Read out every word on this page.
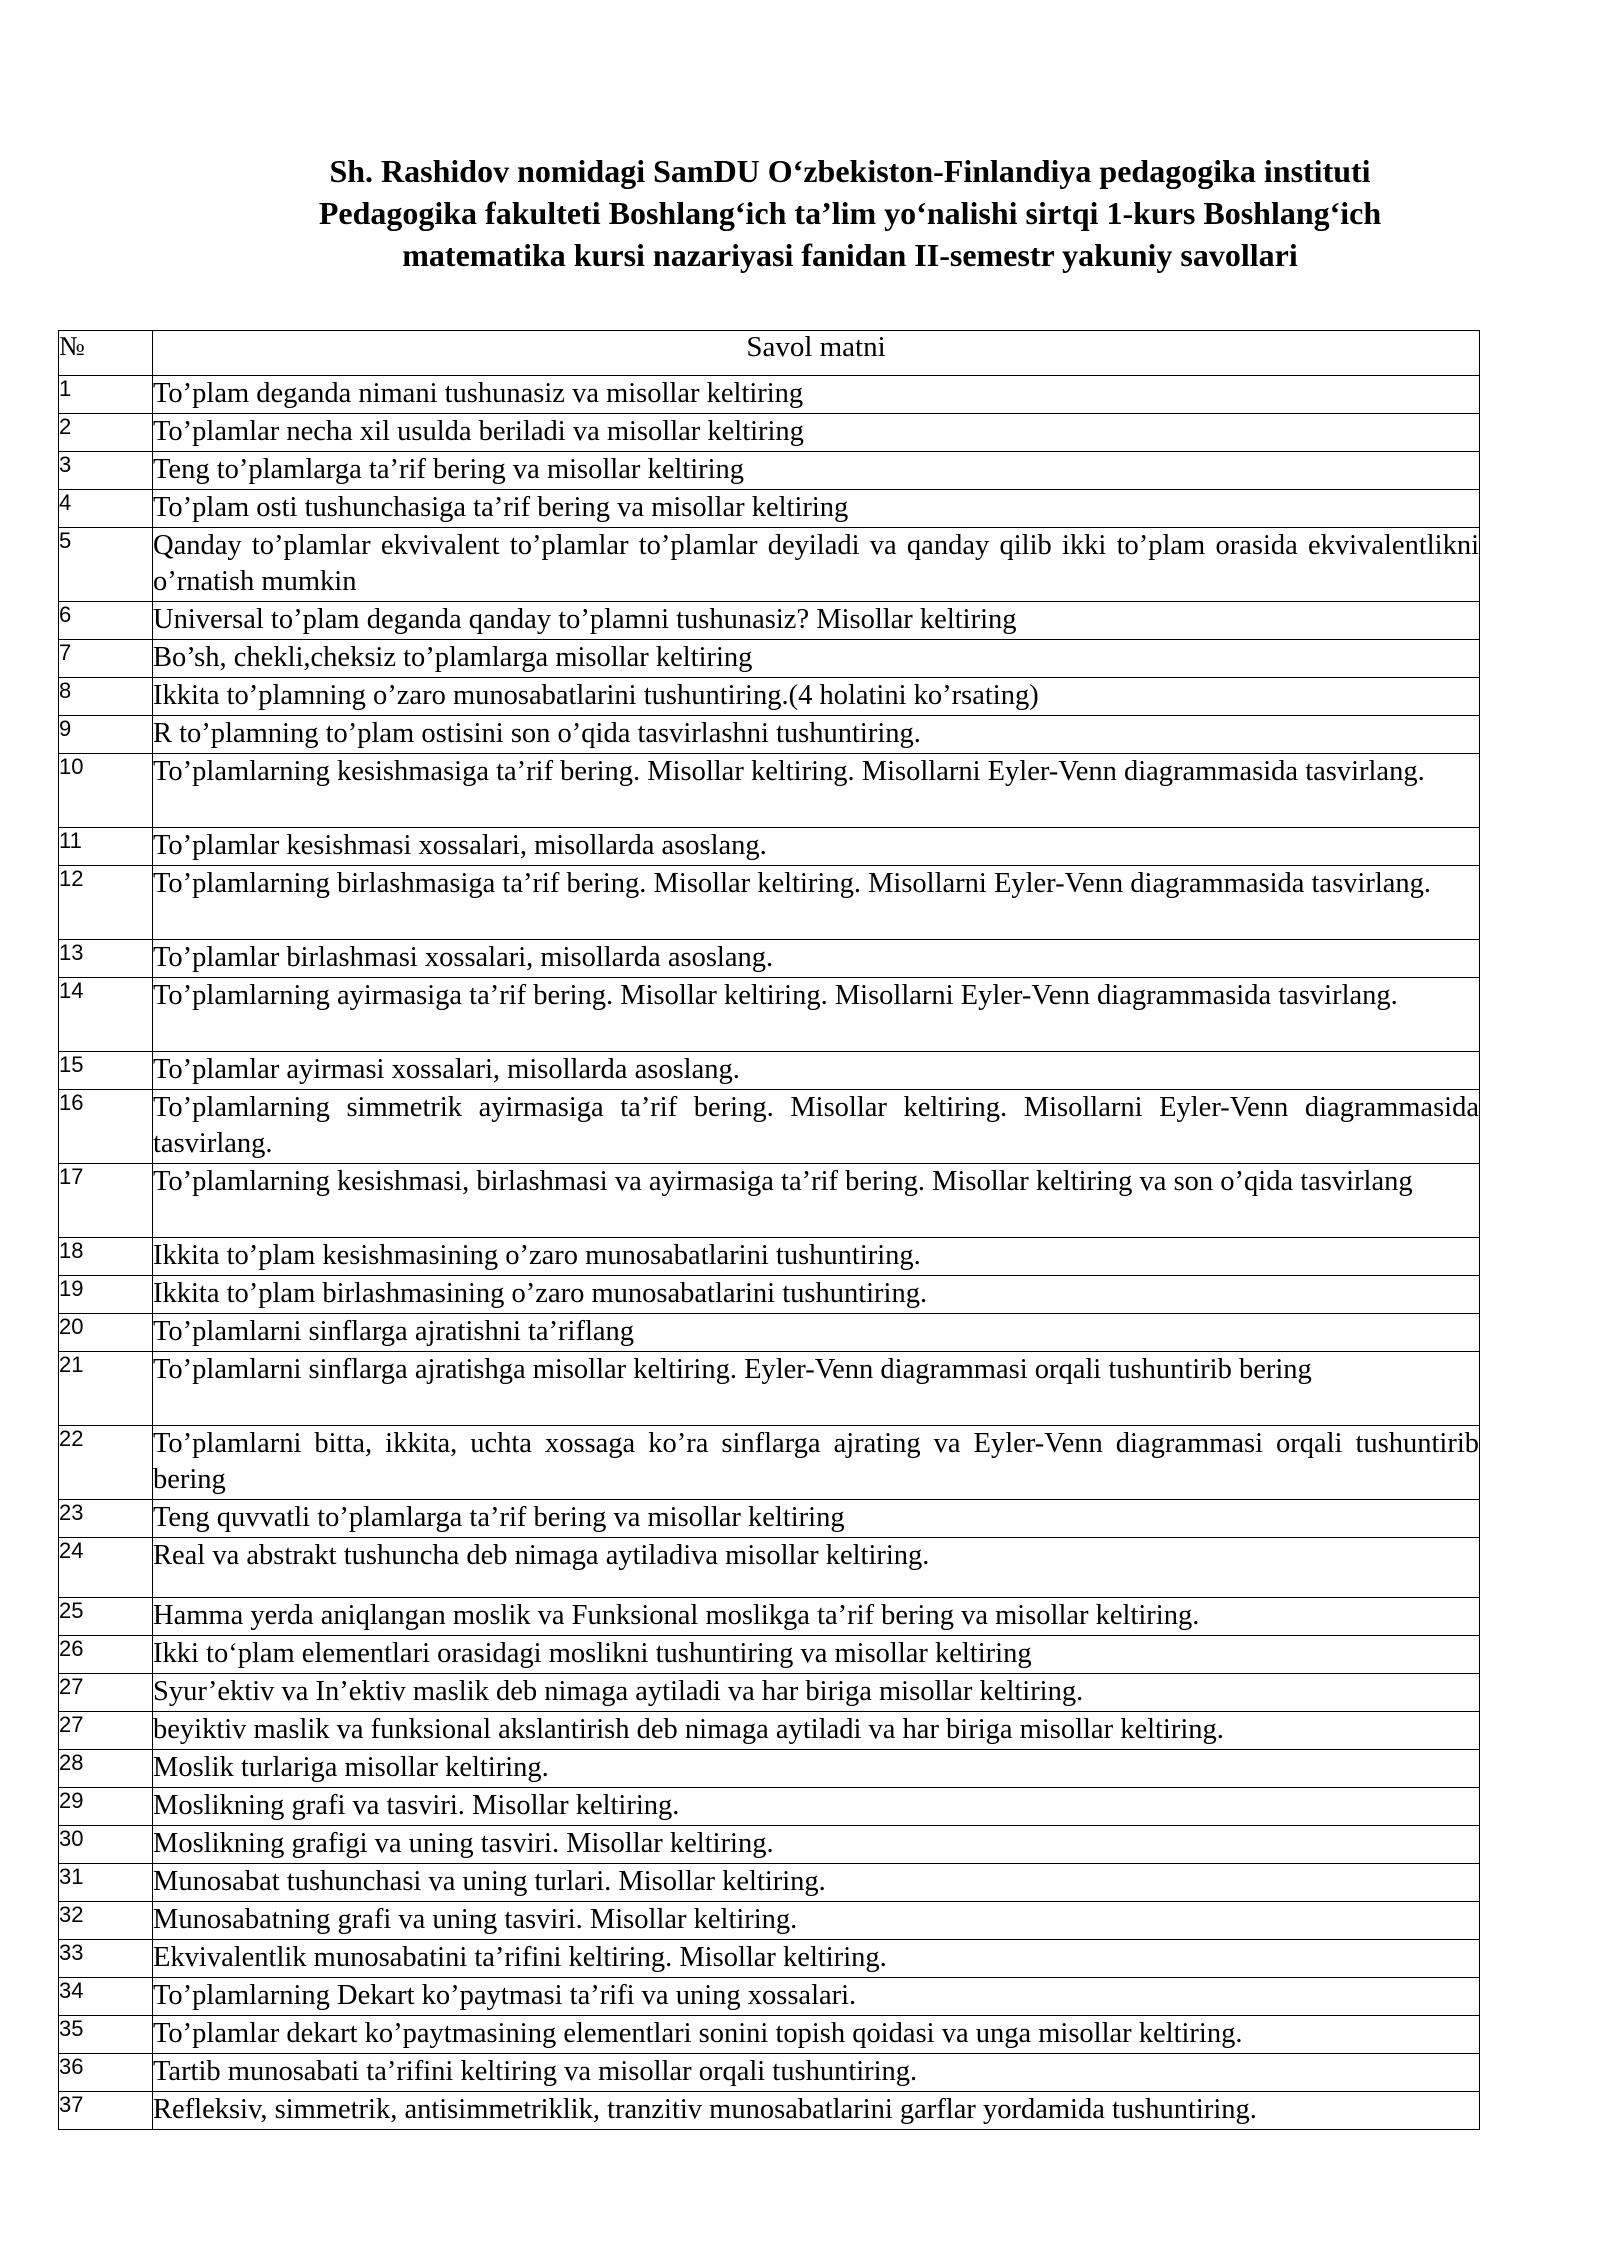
Sh. Rashidov nomidagi SamDU O‘zbekiston-Finlandiya pedagogika instituti
Pedagogika fakulteti Boshlang‘ich ta’lim yo‘nalishi sirtqi 1-kurs Boshlang‘ich
matematika kursi nazariyasi fanidan II-semestr yakuniy savollari
№	Savol matni
1	To’plam deganda nimani tushunasiz va misollar keltiring
2	To’plamlar necha xil usulda beriladi va misollar keltiring
3	Teng to’plamlarga ta’rif bering va misollar keltiring
4	To’plam osti tushunchasiga ta’rif bering va misollar keltiring
5	Qanday to’plamlar ekvivalent to’plamlar to’plamlar deyiladi va qanday qilib ikki to’plam orasida ekvivalentlikni o’rnatish mumkin
6	Universal to’plam deganda qanday to’plamni tushunasiz? Misollar keltiring
7	Bo’sh, chekli,cheksiz to’plamlarga misollar keltiring
8	Ikkita to’plamning o’zaro munosabatlarini tushuntiring.(4 holatini ko’rsating)
9	R to’plamning to’plam ostisini son o’qida tasvirlashni tushuntiring.
10	To’plamlarning kesishmasiga ta’rif bering. Misollar keltiring. Misollarni Eyler-Venn diagrammasida tasvirlang.
11	To’plamlar kesishmasi xossalari, misollarda asoslang.
12	To’plamlarning birlashmasiga ta’rif bering. Misollar keltiring. Misollarni Eyler-Venn diagrammasida tasvirlang.
13	To’plamlar birlashmasi xossalari, misollarda asoslang.
14	To’plamlarning ayirmasiga ta’rif bering. Misollar keltiring. Misollarni Eyler-Venn diagrammasida tasvirlang.
15	To’plamlar ayirmasi xossalari, misollarda asoslang.
16	To’plamlarning simmetrik ayirmasiga ta’rif bering. Misollar keltiring. Misollarni Eyler-Venn diagrammasida tasvirlang.
17	To’plamlarning kesishmasi, birlashmasi va ayirmasiga ta’rif bering. Misollar keltiring va son o’qida tasvirlang
18	Ikkita to’plam kesishmasining o’zaro munosabatlarini tushuntiring.
19	Ikkita to’plam birlashmasining o’zaro munosabatlarini tushuntiring.
20	To’plamlarni sinflarga ajratishni ta’riflang
21	To’plamlarni sinflarga ajratishga misollar keltiring. Eyler-Venn diagrammasi orqali tushuntirib bering
22	To’plamlarni bitta, ikkita, uchta xossaga ko’ra sinflarga ajrating va Eyler-Venn diagrammasi orqali tushuntirib bering
23	Teng quvvatli to’plamlarga ta’rif bering va misollar keltiring
24	Real va abstrakt tushuncha deb nimaga aytiladiva misollar keltiring.
25	Hamma yerda aniqlangan moslik va Funksional moslikga ta’rif bering va misollar keltiring.
26	Ikki to‘plam elementlari orasidagi moslikni tushuntiring va misollar keltiring
27	Syur’ektiv va In’ektiv maslik deb nimaga aytiladi va har biriga misollar keltiring.
27	beyiktiv maslik va funksional akslantirish deb nimaga aytiladi va har biriga misollar keltiring.
28	Moslik turlariga misollar keltiring.
29	Moslikning grafi va tasviri. Misollar keltiring.
30	Moslikning grafigi va uning tasviri. Misollar keltiring.
31	Munosabat tushunchasi va uning turlari. Misollar keltiring.
32	Munosabatning grafi va uning tasviri. Misollar keltiring.
33	Ekvivalentlik munosabatini ta’rifini keltiring. Misollar keltiring.
34	To’plamlarning Dekart ko’paytmasi ta’rifi va uning xossalari.
35	To’plamlar dekart ko’paytmasining elementlari sonini topish qoidasi va unga misollar keltiring.
36	Tartib munosabati ta’rifini keltiring va misollar orqali tushuntiring.
37	Refleksiv, simmetrik, antisimmetriklik, tranzitiv munosabatlarini garflar yordamida tushuntiring.
